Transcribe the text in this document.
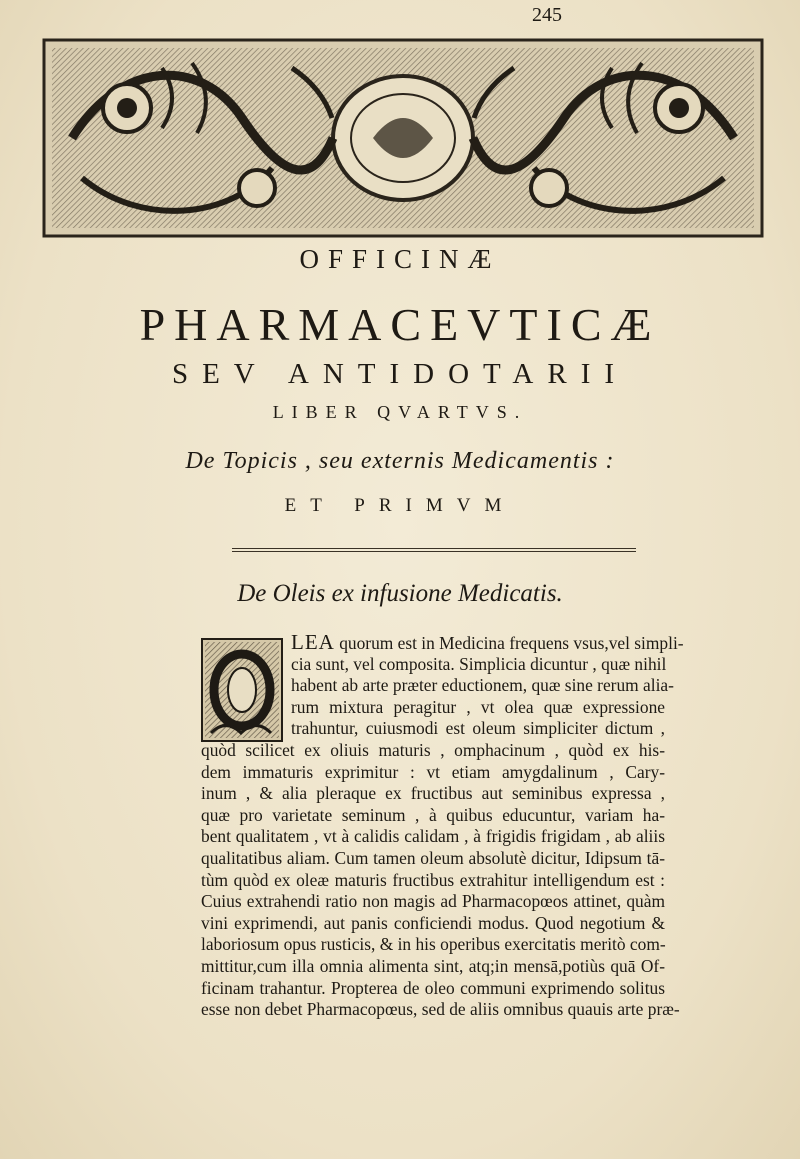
245
OFFICINÆ
PHARMACEVTICÆ
SEV ANTIDOTARII
LIBER QVARTVS.
De Topicis , seu externis Medicamentis :
ET PRIMVM
De Oleis ex infusione Medicatis.
LEA quorum est in Medicina frequens vsus,vel simpli-
cia sunt, vel composita. Simplicia dicuntur , quæ nihil
habent ab arte præter eductionem, quæ sine rerum alia-
rum mixtura peragitur , vt olea quæ expressione
trahuntur, cuiusmodi est oleum simpliciter dictum ,
quòd scilicet ex oliuis maturis , omphacinum , quòd ex his-
dem immaturis exprimitur : vt etiam amygdalinum , Cary-
inum , & alia pleraque ex fructibus aut seminibus expressa ,
quæ pro varietate seminum , à quibus educuntur, variam ha-
bent qualitatem , vt à calidis calidam , à frigidis frigidam , ab aliis
qualitatibus aliam. Cum tamen oleum absolutè dicitur, Idipsum tā-
tùm quòd ex oleæ maturis fructibus extrahitur intelligendum est :
Cuius extrahendi ratio non magis ad Pharmacopœos attinet, quàm
vini exprimendi, aut panis conficiendi modus. Quod negotium &
laboriosum opus rusticis, & in his operibus exercitatis meritò com-
mittitur,cum illa omnia alimenta sint, atq;in mensā,potiùs quā Of-
ficinam trahantur. Propterea de oleo communi exprimendo solitus
esse non debet Pharmacopœus, sed de aliis omnibus quauis arte præ-
